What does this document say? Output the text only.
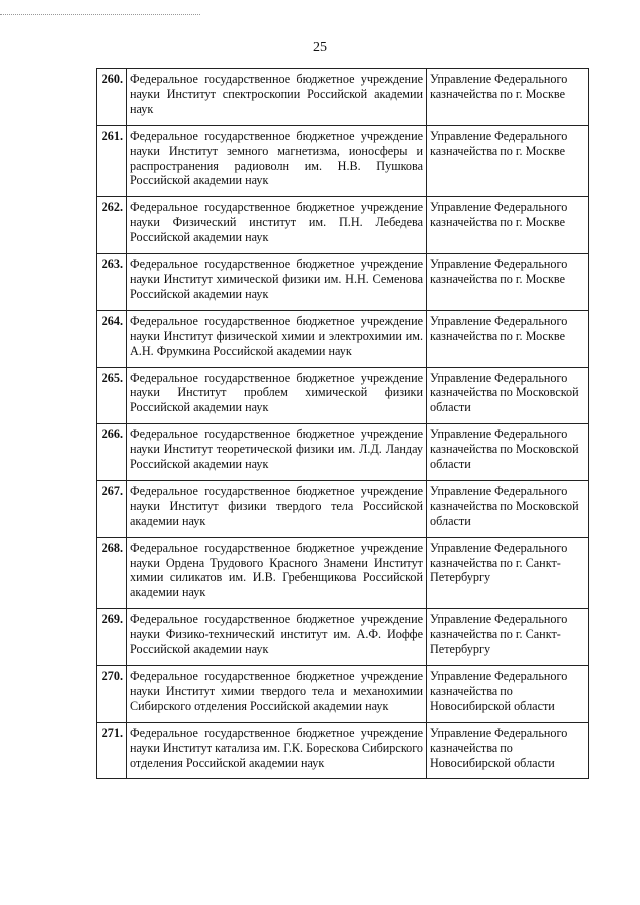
25
260.	Федеральное государственное бюджетное учреждение науки Институт спектроскопии Российской академии наук	Управление Федерального казначейства по г. Москве
261.	Федеральное государственное бюджетное учреждение науки Институт земного магнетизма, ионосферы и распространения радиоволн им. Н.В. Пушкова Российской академии наук	Управление Федерального казначейства по г. Москве
262.	Федеральное государственное бюджетное учреждение науки Физический институт им. П.Н. Лебедева Российской академии наук	Управление Федерального казначейства по г. Москве
263.	Федеральное государственное бюджетное учреждение науки Институт химической физики им. Н.Н. Семенова Российской академии наук	Управление Федерального казначейства по г. Москве
264.	Федеральное государственное бюджетное учреждение науки Институт физической химии и электрохимии им. А.Н. Фрумкина Российской академии наук	Управление Федерального казначейства по г. Москве
265.	Федеральное государственное бюджетное учреждение науки Институт проблем химической физики Российской академии наук	Управление Федерального казначейства по Московской области
266.	Федеральное государственное бюджетное учреждение науки Институт теоретической физики им. Л.Д. Ландау Российской академии наук	Управление Федерального казначейства по Московской области
267.	Федеральное государственное бюджетное учреждение науки Институт физики твердого тела Российской академии наук	Управление Федерального казначейства по Московской области
268.	Федеральное государственное бюджетное учреждение науки Ордена Трудового Красного Знамени Институт химии силикатов им. И.В. Гребенщикова Российской академии наук	Управление Федерального казначейства по г. Санкт-Петербургу
269.	Федеральное государственное бюджетное учреждение науки Физико-технический институт им. А.Ф. Иоффе Российской академии наук	Управление Федерального казначейства по г. Санкт-Петербургу
270.	Федеральное государственное бюджетное учреждение науки Институт химии твердого тела и механохимии Сибирского отделения Российской академии наук	Управление Федерального казначейства по Новосибирской области
271.	Федеральное государственное бюджетное учреждение науки Институт катализа им. Г.К. Борескова Сибирского отделения Российской академии наук	Управление Федерального казначейства по Новосибирской области
